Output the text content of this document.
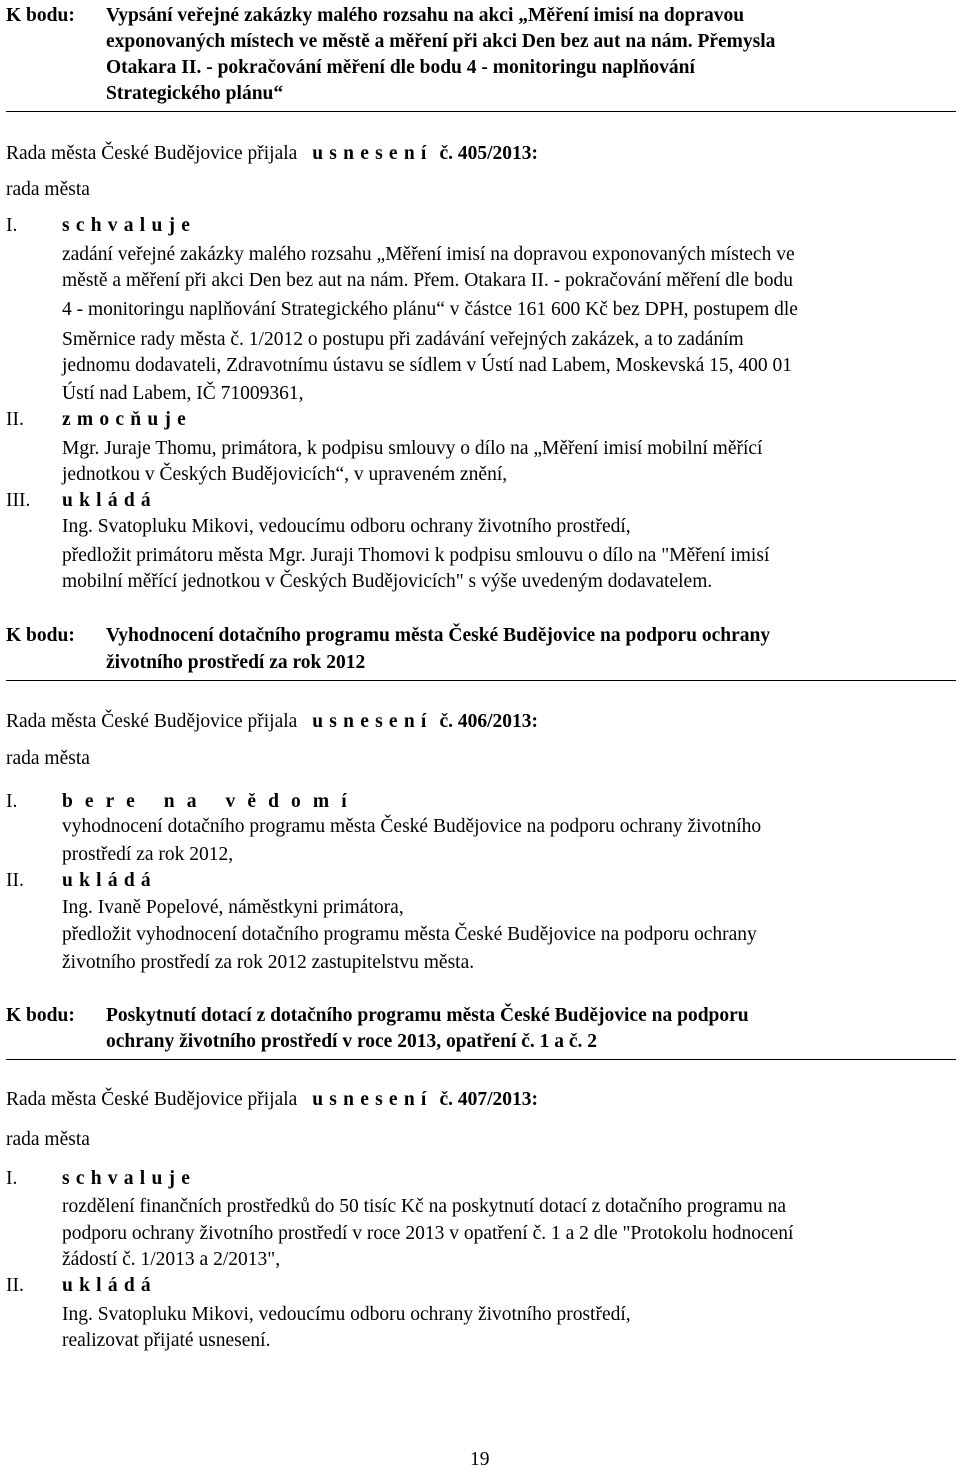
K bodu: Vypsání veřejné zakázky malého rozsahu na akci „Měření imisí na dopravou
exponovaných místech ve městě a měření při akci Den bez aut na nám. Přemysla
Otakara II. - pokračování měření dle bodu 4 - monitoringu naplňování
Strategického plánu“
Rada města České Budějovice přijala usnesení č. 405/2013:
rada města
I. schvaluje
zadání veřejné zakázky malého rozsahu „Měření imisí na dopravou exponovaných místech ve
městě a měření při akci Den bez aut na nám. Přem. Otakara II. - pokračování měření dle bodu
4 - monitoringu naplňování Strategického plánu“ v částce 161 600 Kč bez DPH, postupem dle
Směrnice rady města č. 1/2012 o postupu při zadávání veřejných zakázek, a to zadáním
jednomu dodavateli, Zdravotnímu ústavu se sídlem v Ústí nad Labem, Moskevská 15, 400 01
Ústí nad Labem, IČ 71009361,
II. zmocňuje
Mgr. Juraje Thomu, primátora, k podpisu smlouvy o dílo na „Měření imisí mobilní měřící
jednotkou v Českých Budějovicích“, v upraveném znění,
III. ukládá
Ing. Svatopluku Mikovi, vedoucímu odboru ochrany životního prostředí,
předložit primátoru města Mgr. Juraji Thomovi k podpisu smlouvu o dílo na "Měření imisí
mobilní měřící jednotkou v Českých Budějovicích" s výše uvedeným dodavatelem.
K bodu: Vyhodnocení dotačního programu města České Budějovice na podporu ochrany
životního prostředí za rok 2012
Rada města České Budějovice přijala usnesení č. 406/2013:
rada města
I. bere na vědomí
vyhodnocení dotačního programu města České Budějovice na podporu ochrany životního
prostředí za rok 2012,
II. ukládá
Ing. Ivaně Popelové, náměstkyni primátora,
předložit vyhodnocení dotačního programu města České Budějovice na podporu ochrany
životního prostředí za rok 2012 zastupitelstvu města.
K bodu: Poskytnutí dotací z dotačního programu města České Budějovice na podporu
ochrany životního prostředí v roce 2013, opatření č. 1 a č. 2
Rada města České Budějovice přijala usnesení č. 407/2013:
rada města
I. schvaluje
rozdělení finančních prostředků do 50 tisíc Kč na poskytnutí dotací z dotačního programu na
podporu ochrany životního prostředí v roce 2013 v opatření č. 1 a 2 dle "Protokolu hodnocení
žádostí č. 1/2013 a 2/2013",
II. ukládá
Ing. Svatopluku Mikovi, vedoucímu odboru ochrany životního prostředí,
realizovat přijaté usnesení.
19
